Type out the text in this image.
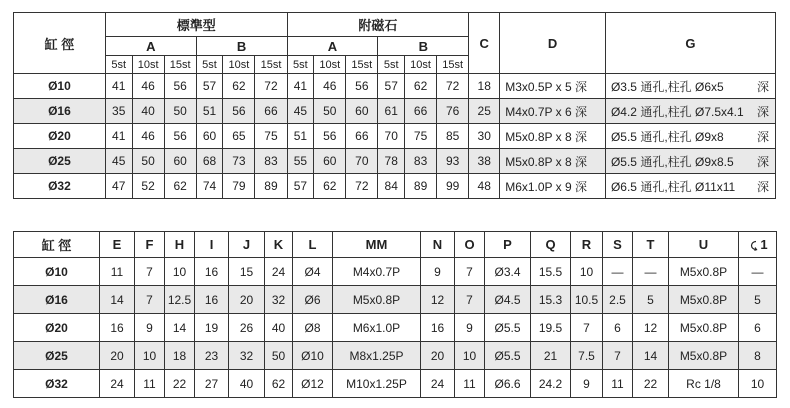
缸 徑	標準型						附磁石						C	D	G
	A			B			A			B					
	5st	10st	15st	5st	10st	15st	5st	10st	15st	5st	10st	15st			
Ø10	41	46	56	57	62	72	41	46	56	57	62	72	18	M3x0.5P x 5 深	Ø3.5 通孔,柱孔 Ø6x5 深

Ø16	35	40	50	51	56	66	45	50	60	61	66	76	25	M4x0.7P x 6 深	Ø4.2 通孔,柱孔 Ø7.5x4.1 深

Ø20	41	46	56	60	65	75	51	56	66	70	75	85	30	M5x0.8P x 8 深	Ø5.5 通孔,柱孔 Ø9x8 深

Ø25	45	50	60	68	73	83	55	60	70	78	83	93	38	M5x0.8P x 8 深	Ø5.5 通孔,柱孔 Ø9x8.5 深

Ø32	47	52	62	74	79	89	57	62	72	84	89	99	48	M6x1.0P x 9 深	Ø6.5 通孔,柱孔 Ø11x11 深
缸 徑	E	F	H	I	J	K	L	MM	N	O	P	Q	R	S	T	U	1
Ø10	11	7	10	16	15	24	Ø4	M4x0.7P	9	7	Ø3.4	15.5	10	—	—	M5x0.8P	—
Ø16	14	7	12.5	16	20	32	Ø6	M5x0.8P	12	7	Ø4.5	15.3	10.5	2.5	5	M5x0.8P	5
Ø20	16	9	14	19	26	40	Ø8	M6x1.0P	16	9	Ø5.5	19.5	7	6	12	M5x0.8P	6
Ø25	20	10	18	23	32	50	Ø10	M8x1.25P	20	10	Ø5.5	21	7.5	7	14	M5x0.8P	8
Ø32	24	11	22	27	40	62	Ø12	M10x1.25P	24	11	Ø6.6	24.2	9	11	22	Rc 1/8	10
